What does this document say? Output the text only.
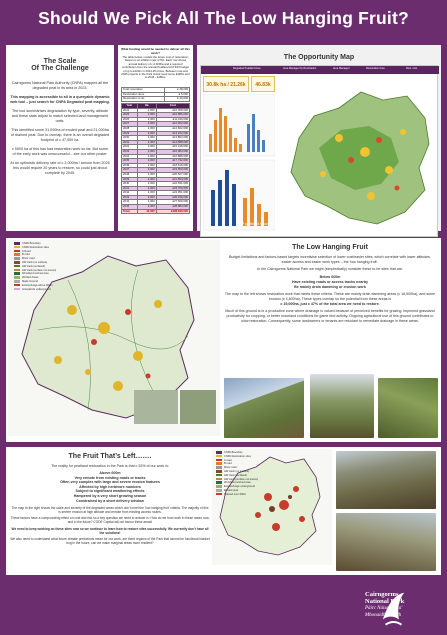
Should We Pick All The Low Hanging Fruit?
The Scale
Of The Challenge

Cairngorms National Park Authority (CNPA) mapped all the degraded peat in its area in 2023.

This mapping is accessible to all in a queryable dynamic web tool – just search for CNPA Degraded peat mapping.

The tool summarises degradation by type, severity, altitude and these stats adjust to match selected land management units.

This identified some 31,000ha of eroded peat and 21,000ha of drained peat. Due to overlap, there is an overall degraded footprint of c 47,000 ha.

c 5000 ha of this has had restoration work so far. But some of the early work was unsuccessful – see our other poster.

At an optimistic delivery rate of c 2,000ha / annum from 2025 this would require 20 years to restore, so could just about complete by 2045.

What funding would be needed to deliver all this work?
The table below, models the future cost of restoration; based on an inflation rate of 5%. Each row shows annual delivery of c.2,000ha and a required contribution from the annual Peatland ACTION budget of up to £100m in 2024-25 prices. Between now and 2045 projects in the Park would need some £428m and to 2045 - £480m.
Total restoration	£ 48,000
Restoration done	£ 5,000
Restoration to do	£ 43,000
Year	Ha	Cost
2024	2,000	£10,368,000
2025	2,000	£10,886,000
2026	2,000	£11,430,000
2027	2,000	£12,002,000
2028	2,000	£12,602,000
2029	2,000	£13,232,000
2030	2,000	£13,894,000
2031	2,000	£14,588,000
2032	2,000	£15,318,000
2033	2,000	£16,084,000
2034	2,000	£16,888,000
2035	2,000	£17,732,000
2036	2,000	£18,619,000
2037	2,000	£19,550,000
2038	2,000	£20,527,000
2039	2,000	£21,554,000
2040	2,000	£22,631,000
2041	2,000	£23,763,000
2042	2,000	£24,951,000
2043	2,000	£26,199,000
2044	2,000	£27,509,000
2045	2,000	£28,884,000
Total	44,000	£428,030,000
The Opportunity Map
Degraded Peatland Area	Area Managed by Restoration	Area Managed	Restoration Area	Rest. cost
30.8k ha / 21.26k	46.83k
CNP peatland restoration scoping dashboard (arcgis.com)
CNPA Boundary
CNPA Restoration sites
A Road
B road
Minor road
HW track (no surface)
HW track (surfaced)
HW track (surface not known)
Woodland worked area
Worked Areas
Made Ground
Erosion/Hags above 600m
Grasslands underground
The Low Hanging Fruit

Budget limitations and factors-based targets incentivise selection of lower cost/easier sites; which correlate with lower altitudes, easier access and easier work types – the ‘low hanging fruit’.

In the Cairngorms National Park we might (simplistically) consider these to be sites that are:

Below 600m

Have existing roads or access tracks nearby

Be mainly drain damming or erosion work

The map to the left shows restoration work that meets these criteria. These are mainly drain damming areas (c 16,500ha), and some erosion (c 4,800ha). These types overlap so the potential from these areas is

c 19,000ha, just c 47% of the total area we need to restore.

Much of this ground is in a productive zone where drainage is valued because of perceived benefits for grazing, improved grassland productivity for cropping, or better moorland conditions for game bird activity. Ongoing agricultural use of this ground contributes to slow restoration. Consequently, some landowners or tenants are reluctant to remediate drainage in these areas.

The Fruit That’s Left…….

The reality for peatland restoration in the Park is that c 53% of our work is:

Above 600m

Very remote from existing roads or tracks

Often very complex with large and severe erosion features

Affected by high herbivore numbers

Subject to significant weathering effects

Hampered by a very short growing season

Constrained by a short delivery window

The map to the right shows the scale and severity of the degraded areas which don’t meet the ‘low hanging fruit’ criteria. The majority of this is severe erosion at high altitude and remote from existing access routes.

These factors have a compounding effect on cost and risk so a key question we need to answer is: How do we fund work in these areas now, and in the future? CODE Capital will not favour these areas!

We need to keep working on these sites now so we continue to learn how to restore sites successfully. We currently don’t have all the solutions!

We also need to understand what future climate predictions mean for our work, are there regions of the Park that cannot be functional blanket bog in the future, can we make marginal areas more resilient?

CNPA Boundary
CNPA Restoration sites
A road
B road
Minor road
HW track (no surface)
HW track (surfaced)
HW track (surface not known)
Woodland worked area
Erosion/Hags underground
Eroded peat
Drained over 600m
Cairngorms
National Park
Pàirc Nàiseanta a'
Mhonaidh Ruaidh
